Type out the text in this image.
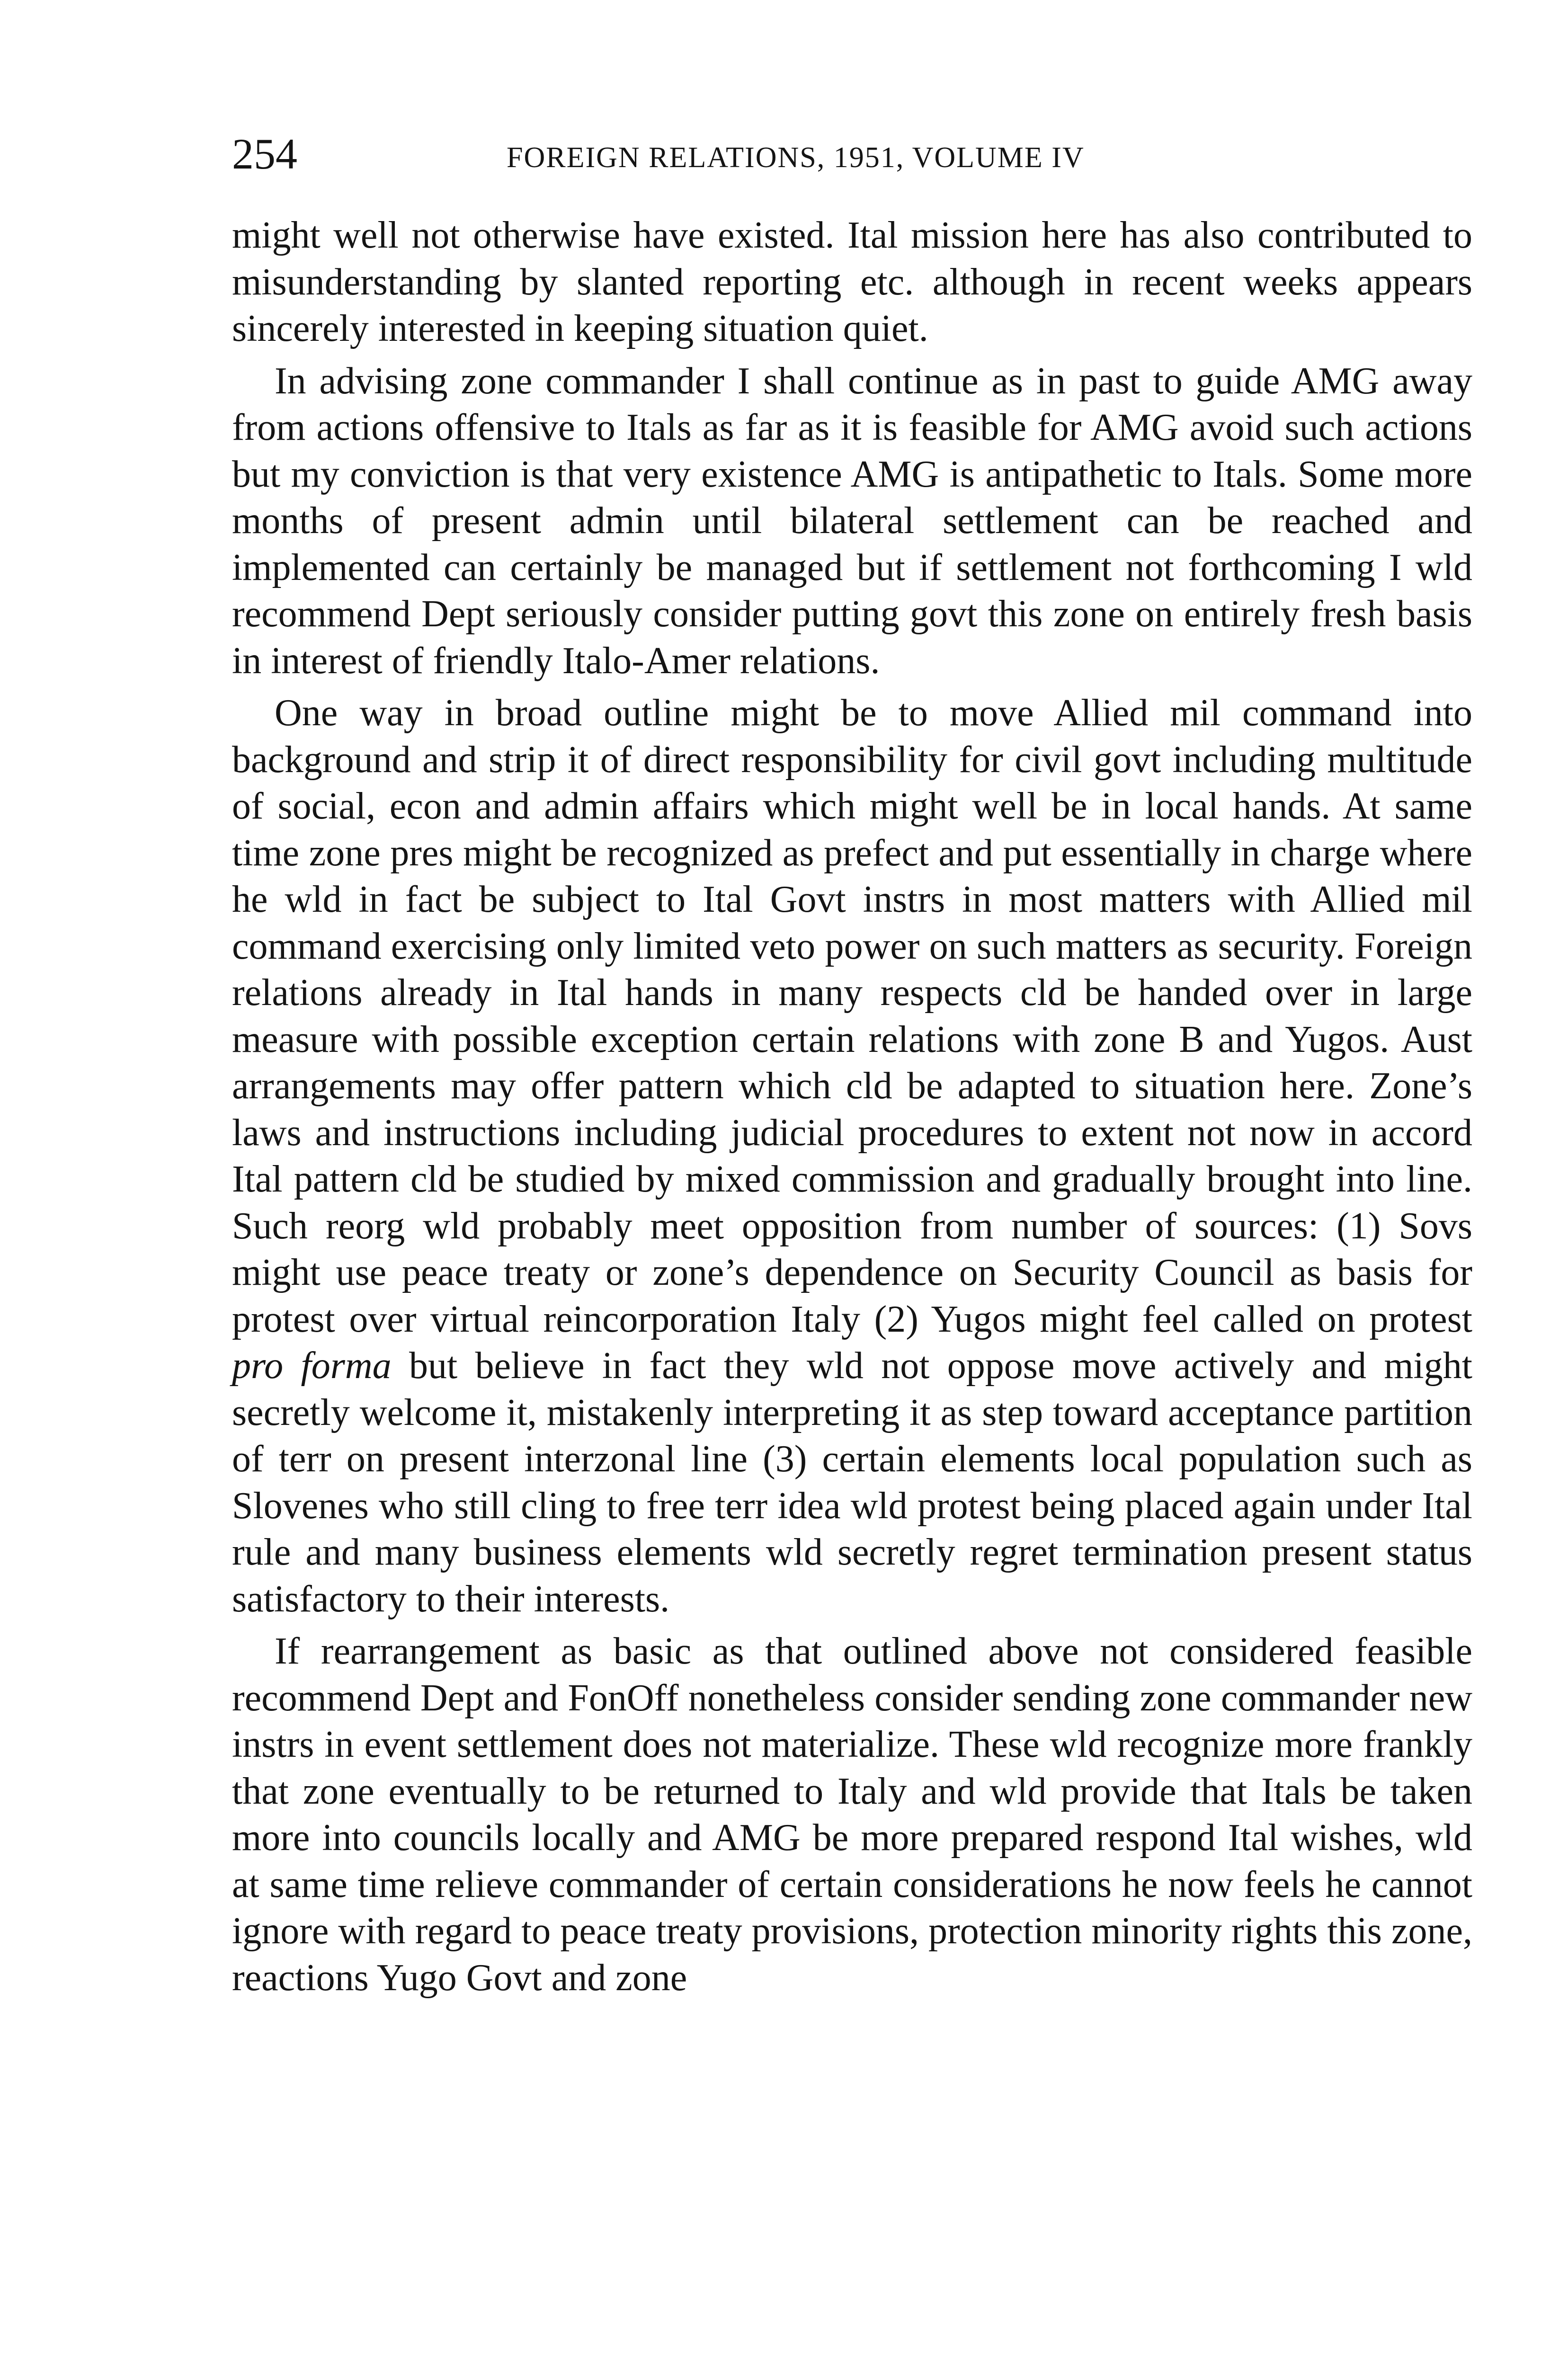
254	FOREIGN RELATIONS, 1951, VOLUME IV

might well not otherwise have existed. Ital mission here has also contributed to misunderstanding by slanted reporting etc. although in recent weeks appears sincerely interested in keeping situation quiet.

In advising zone commander I shall continue as in past to guide AMG away from actions offensive to Itals as far as it is feasible for AMG avoid such actions but my conviction is that very existence AMG is antipathetic to Itals. Some more months of present admin until bilateral settlement can be reached and implemented can certainly be managed but if settlement not forthcoming I wld recommend Dept seriously consider putting govt this zone on entirely fresh basis in interest of friendly Italo-Amer relations.

One way in broad outline might be to move Allied mil command into background and strip it of direct responsibility for civil govt including multitude of social, econ and admin affairs which might well be in local hands. At same time zone pres might be recognized as prefect and put essentially in charge where he wld in fact be subject to Ital Govt instrs in most matters with Allied mil command exercising only limited veto power on such matters as security. Foreign relations already in Ital hands in many respects cld be handed over in large measure with possible exception certain relations with zone B and Yugos. Aust arrangements may offer pattern which cld be adapted to situation here. Zone’s laws and instructions including judicial procedures to extent not now in accord Ital pattern cld be studied by mixed commission and gradually brought into line. Such reorg wld probably meet opposition from number of sources: (1) Sovs might use peace treaty or zone’s dependence on Security Council as basis for protest over virtual reincorporation Italy (2) Yugos might feel called on protest pro forma but believe in fact they wld not oppose move actively and might secretly welcome it, mistakenly interpreting it as step toward acceptance partition of terr on present interzonal line (3) certain elements local population such as Slovenes who still cling to free terr idea wld protest being placed again under Ital rule and many business elements wld secretly regret termination present status satisfactory to their interests.

If rearrangement as basic as that outlined above not considered feasible recommend Dept and FonOff nonetheless consider sending zone commander new instrs in event settlement does not materialize. These wld recognize more frankly that zone eventually to be returned to Italy and wld provide that Itals be taken more into councils locally and AMG be more prepared respond Ital wishes, wld at same time relieve commander of certain considerations he now feels he cannot ignore with regard to peace treaty provisions, protection minority rights this zone, reactions Yugo Govt and zone
